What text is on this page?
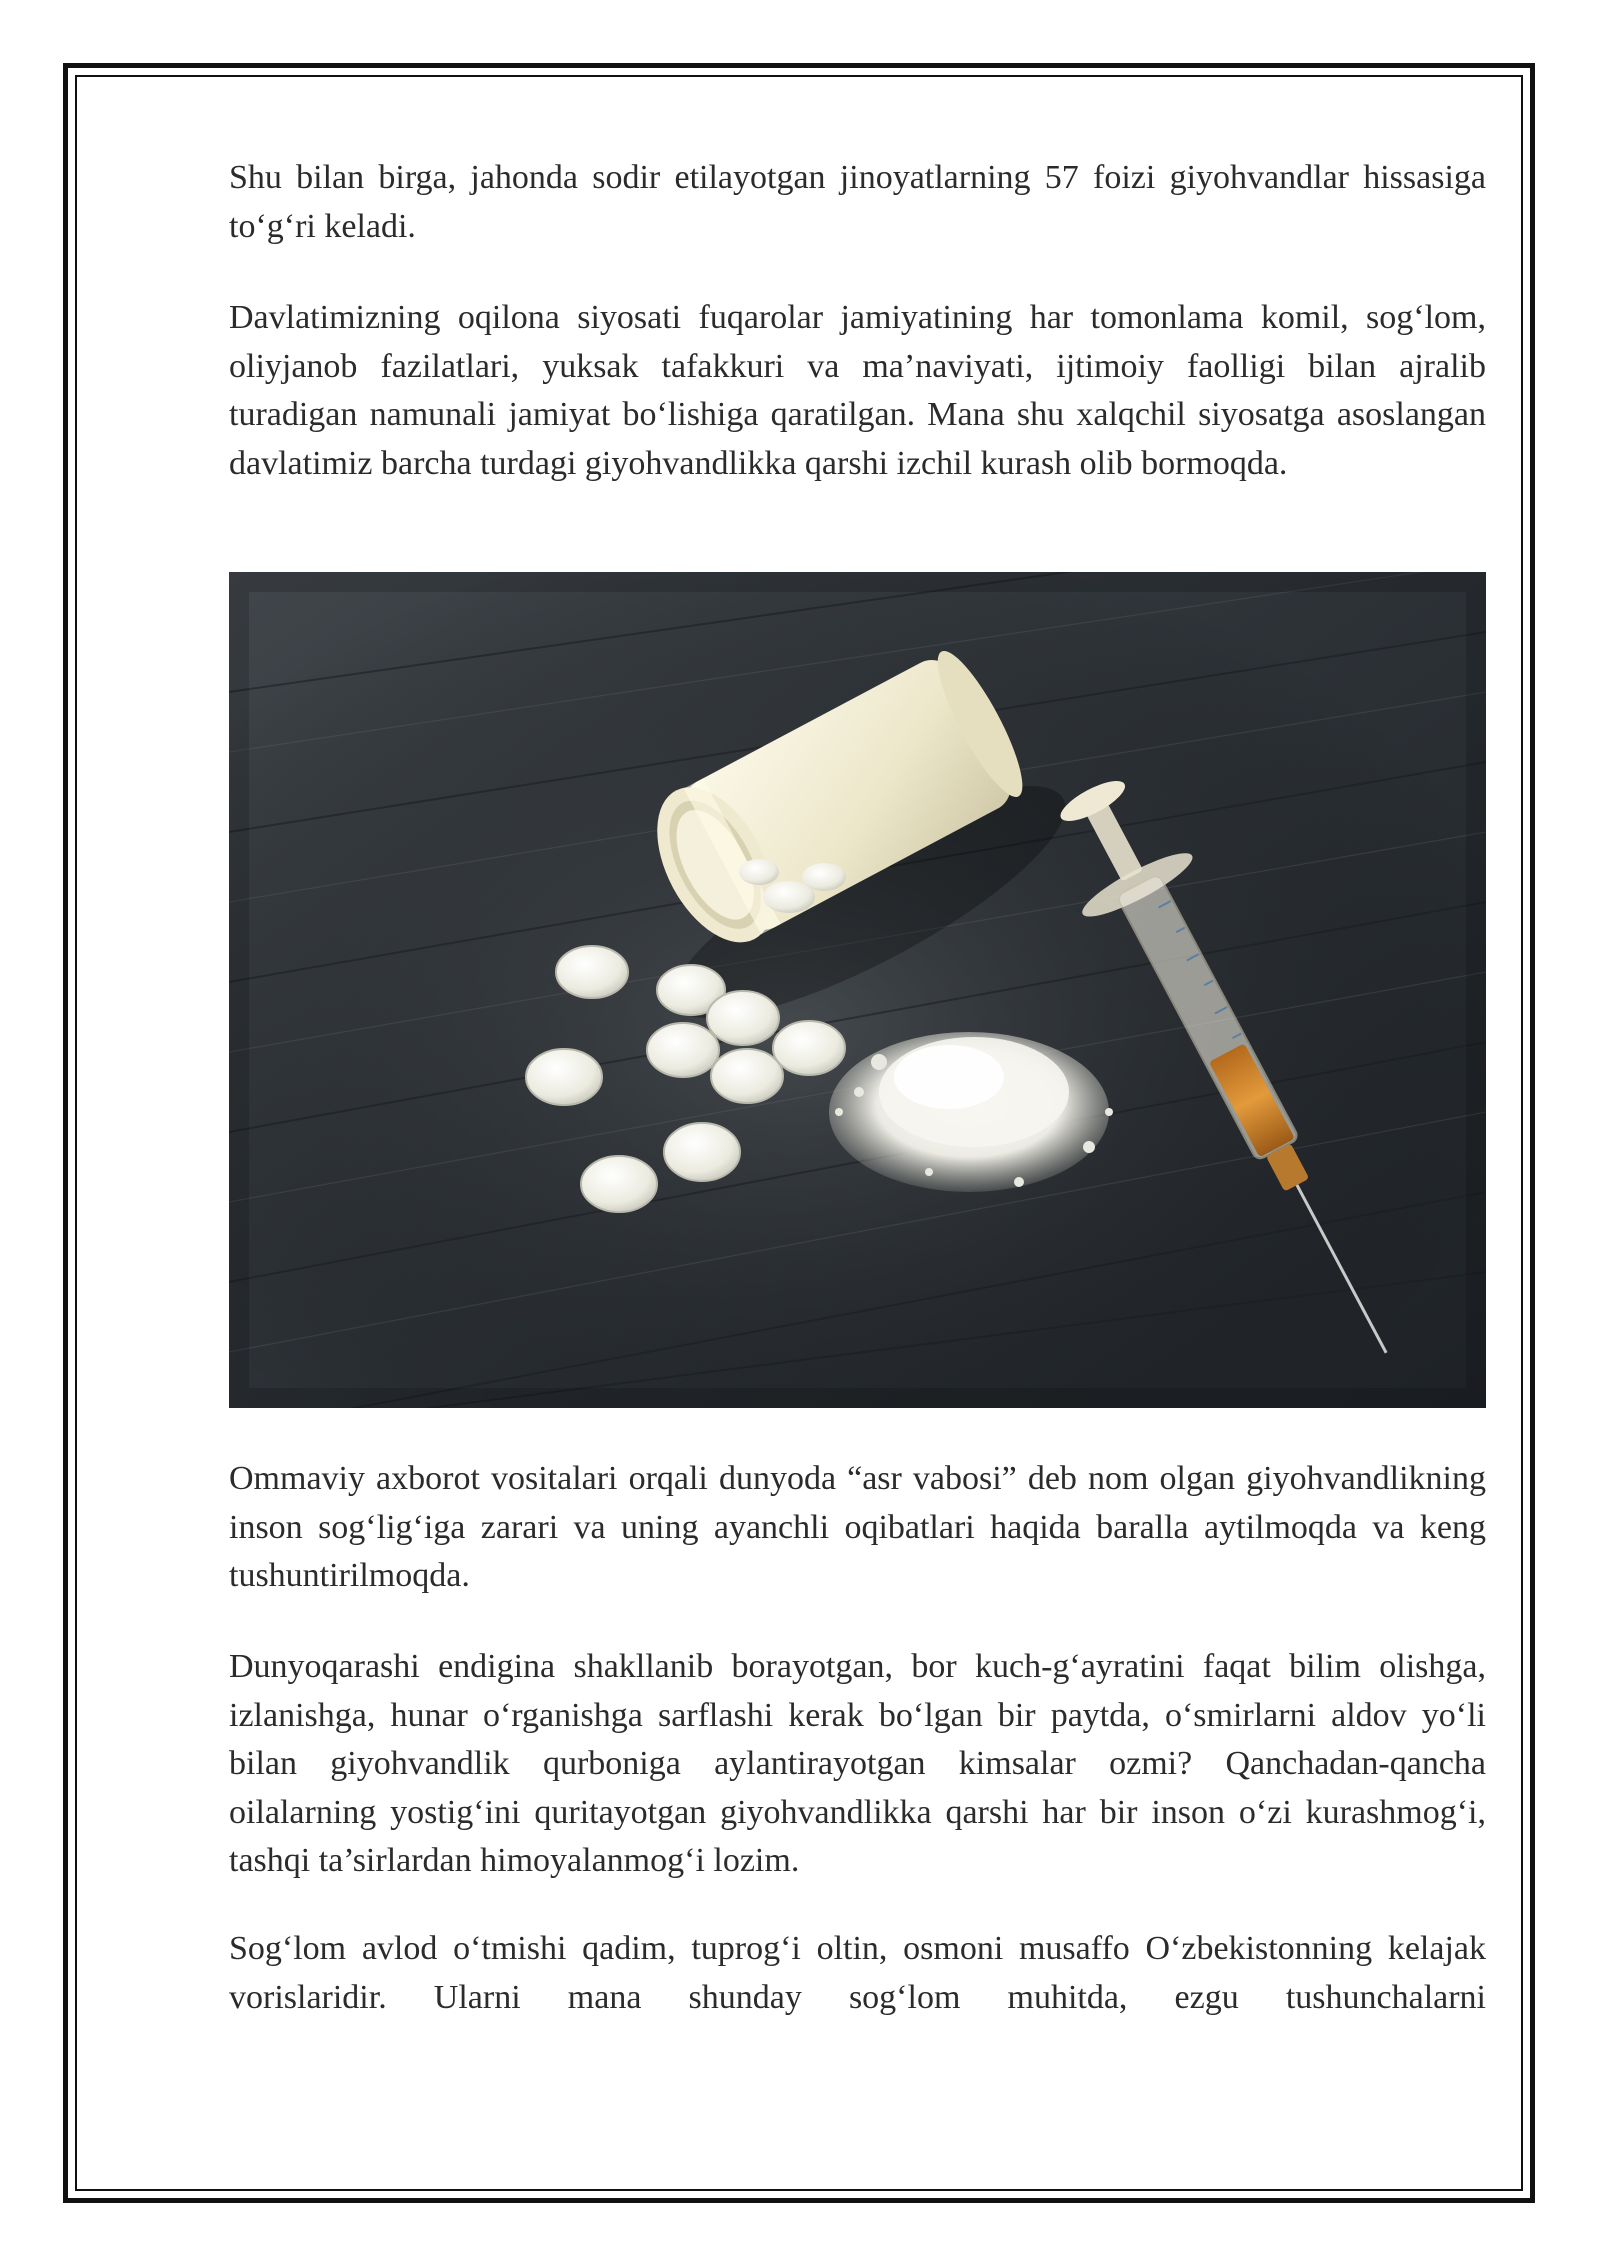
Shu bilan birga, jahonda sodir etilayotgan jinoyatlarning 57 foizi giyohvandlar hissasiga to‘g‘ri keladi.

Davlatimizning oqilona siyosati fuqarolar jamiyatining har tomonlama komil, sog‘lom, oliyjanob fazilatlari, yuksak tafakkuri va ma’naviyati, ijtimoiy faolligi bilan ajralib turadigan namunali jamiyat bo‘lishiga qaratilgan. Mana shu xalqchil siyosatga asoslangan davlatimiz barcha turdagi giyohvandlikka qarshi izchil kurash olib bormoqda.

Ommaviy axborot vositalari orqali dunyoda “asr vabosi” deb nom olgan giyohvandlikning inson sog‘lig‘iga zarari va uning ayanchli oqibatlari haqida baralla aytilmoqda va keng tushuntirilmoqda.

Dunyoqarashi endigina shakllanib borayotgan, bor kuch-g‘ayratini faqat bilim olishga, izlanishga, hunar o‘rganishga sarflashi kerak bo‘lgan bir paytda, o‘smirlarni aldov yo‘li bilan giyohvandlik qurboniga aylantirayotgan kimsalar ozmi? Qanchadan-qancha oilalarning yostig‘ini quritayotgan giyohvandlikka qarshi har bir inson o‘zi kurashmog‘i, tashqi ta’sirlardan himoyalanmog‘i lozim.

Sog‘lom avlod o‘tmishi qadim, tuprog‘i oltin, osmoni musaffo O‘zbekistonning kelajak vorislaridir. Ularni mana shunday sog‘lom muhitda, ezgu tushunchalarni
